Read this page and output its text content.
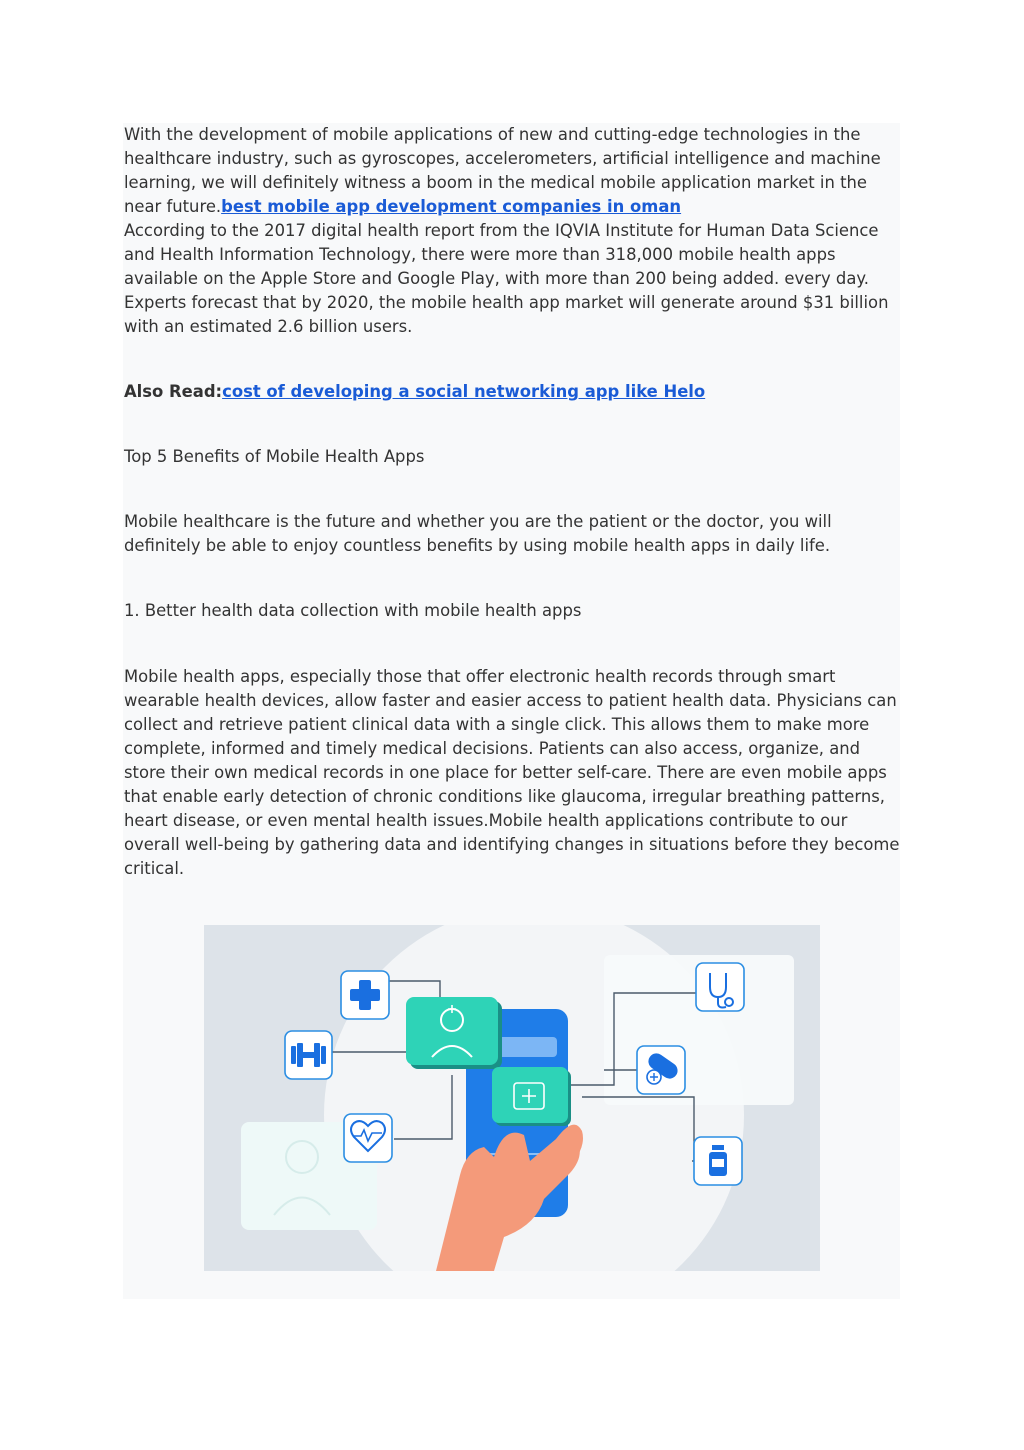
With the development of mobile applications of new and cutting-edge technologies in the healthcare industry, such as gyroscopes, accelerometers, artificial intelligence and machine learning, we will definitely witness a boom in the medical mobile application market in the near future.best mobile app development companies in oman
According to the 2017 digital health report from the IQVIA Institute for Human Data Science and Health Information Technology, there were more than 318,000 mobile health apps available on the Apple Store and Google Play, with more than 200 being added. every day. Experts forecast that by 2020, the mobile health app market will generate around $31 billion with an estimated 2.6 billion users.

Also Read:cost of developing a social networking app like Helo

Top 5 Benefits of Mobile Health Apps

Mobile healthcare is the future and whether you are the patient or the doctor, you will definitely be able to enjoy countless benefits by using mobile health apps in daily life.

1. Better health data collection with mobile health apps

Mobile health apps, especially those that offer electronic health records through smart wearable health devices, allow faster and easier access to patient health data. Physicians can collect and retrieve patient clinical data with a single click. This allows them to make more complete, informed and timely medical decisions. Patients can also access, organize, and store their own medical records in one place for better self-care. There are even mobile apps that enable early detection of chronic conditions like glaucoma, irregular breathing patterns, heart disease, or even mental health issues.Mobile health applications contribute to our overall well-being by gathering data and identifying changes in situations before they become critical.
